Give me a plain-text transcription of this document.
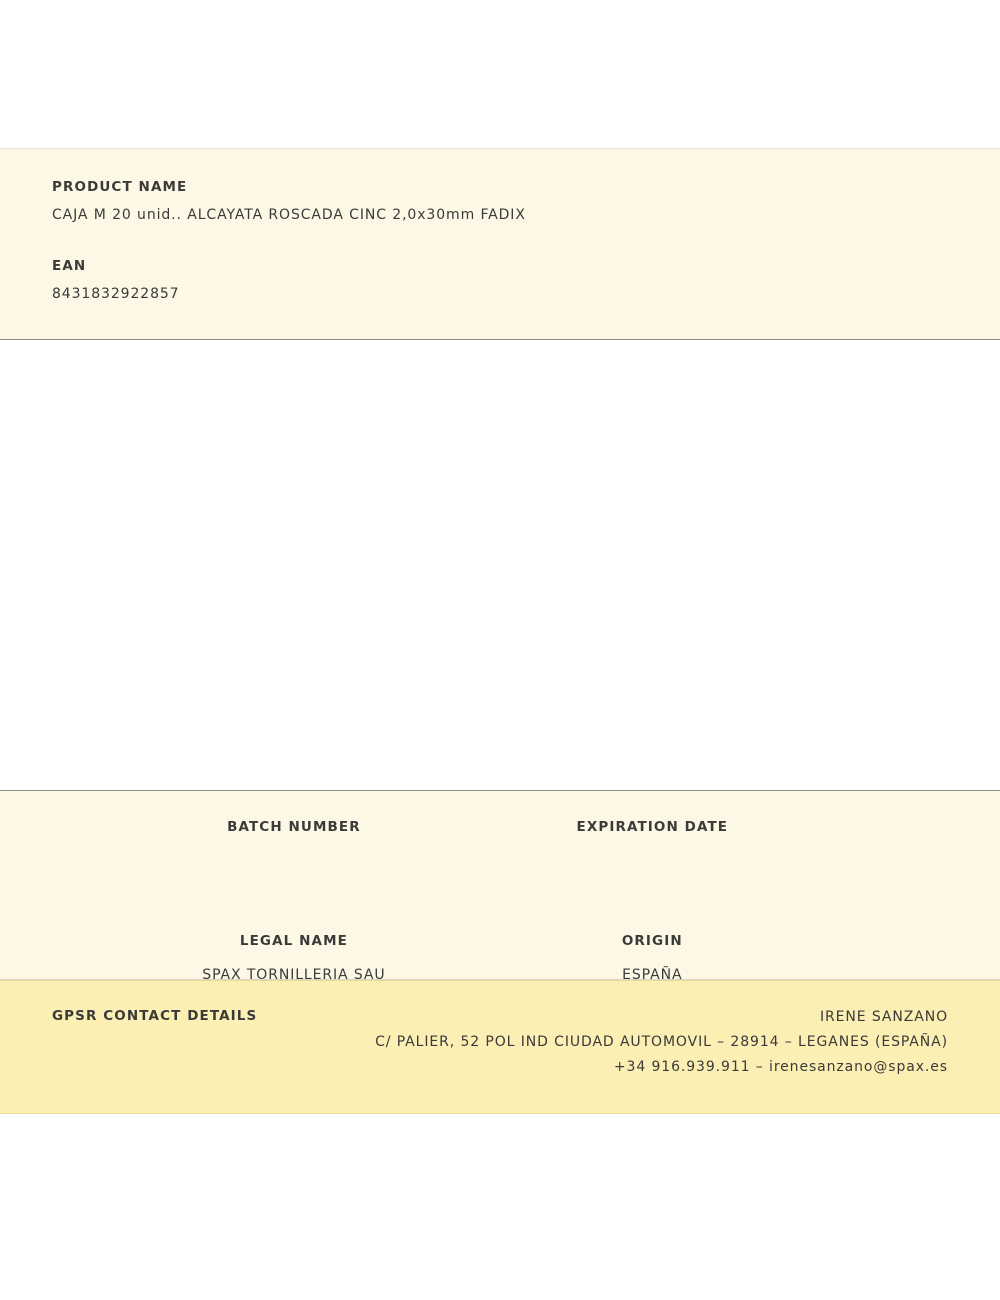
PRODUCT NAME
CAJA M 20 unid.. ALCAYATA ROSCADA CINC 2,0x30mm FADIX
EAN
8431832922857
BATCH NUMBER	EXPIRATION DATE
LEGAL NAME
SPAX TORNILLERIA SAU
ORIGIN
ESPAÑA
GPSR CONTACT DETAILS	IRENE SANZANO
C/ PALIER, 52 POL IND CIUDAD AUTOMOVIL – 28914 – LEGANES (ESPAÑA)
+34 916.939.911 – irenesanzano@spax.es
